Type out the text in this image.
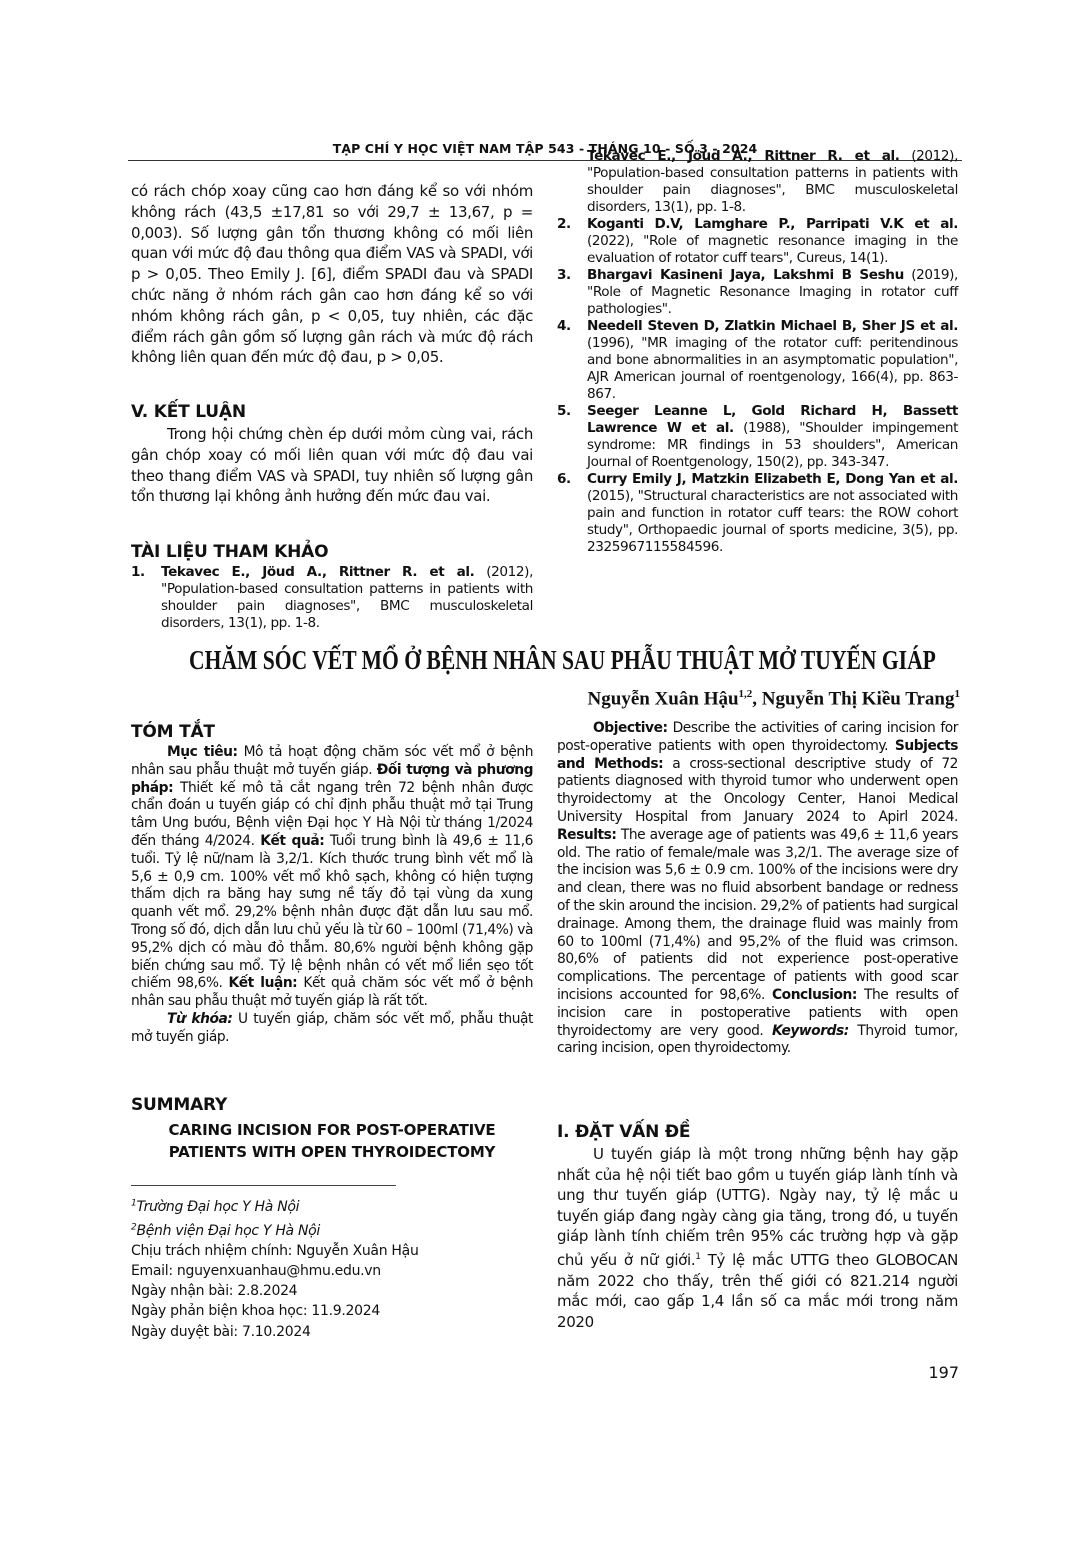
TẠP CHÍ Y HỌC VIỆT NAM TẬP 543 - THÁNG 10 - SỐ 3 - 2024

có rách chóp xoay cũng cao hơn đáng kể so với nhóm không rách (43,5 ±17,81 so với 29,7 ± 13,67, p = 0,003). Số lượng gân tổn thương không có mối liên quan với mức độ đau thông qua điểm VAS và SPADI, với p > 0,05. Theo Emily J. [6], điểm SPADI đau và SPADI chức năng ở nhóm rách gân cao hơn đáng kể so với nhóm không rách gân, p < 0,05, tuy nhiên, các đặc điểm rách gân gồm số lượng gân rách và mức độ rách không liên quan đến mức độ đau, p > 0,05.

V. KẾT LUẬN

Trong hội chứng chèn ép dưới mỏm cùng vai, rách gân chóp xoay có mối liên quan với mức độ đau vai theo thang điểm VAS và SPADI, tuy nhiên số lượng gân tổn thương lại không ảnh hưởng đến mức đau vai.

TÀI LIỆU THAM KHẢO

1. Tekavec E., Jöud A., Rittner R. et al. (2012), "Population-based consultation patterns in patients with shoulder pain diagnoses", BMC musculoskeletal disorders, 13(1), pp. 1-8.

Tekavec E., Jöud A., Rittner R. et al. (2012), "Population-based consultation patterns in patients with shoulder pain diagnoses", BMC musculoskeletal disorders, 13(1), pp. 1-8.

2. Koganti D.V, Lamghare P., Parripati V.K et al. (2022), "Role of magnetic resonance imaging in the evaluation of rotator cuff tears", Cureus, 14(1).

3. Bhargavi Kasineni Jaya, Lakshmi B Seshu (2019), "Role of Magnetic Resonance Imaging in rotator cuff pathologies".

4. Needell Steven D, Zlatkin Michael B, Sher JS et al. (1996), "MR imaging of the rotator cuff: peritendinous and bone abnormalities in an asymptomatic population", AJR American journal of roentgenology, 166(4), pp. 863-867.

5. Seeger Leanne L, Gold Richard H, Bassett Lawrence W et al. (1988), "Shoulder impingement syndrome: MR findings in 53 shoulders", American Journal of Roentgenology, 150(2), pp. 343-347.

6. Curry Emily J, Matzkin Elizabeth E, Dong Yan et al. (2015), "Structural characteristics are not associated with pain and function in rotator cuff tears: the ROW cohort study", Orthopaedic journal of sports medicine, 3(5), pp. 2325967115584596.

CHĂM SÓC VẾT MỔ Ở BỆNH NHÂN SAU PHẪU THUẬT MỞ TUYẾN GIÁP
Nguyễn Xuân Hậu$^{1,2}$, Nguyễn Thị Kiều Trang$^1$
TÓM TẮT
Mục tiêu: Mô tả hoạt động chăm sóc vết mổ ở bệnh nhân sau phẫu thuật mở tuyến giáp. Đối tượng và phương pháp: Thiết kế mô tả cắt ngang trên 72 bệnh nhân được chẩn đoán u tuyến giáp có chỉ định phẫu thuật mở tại Trung tâm Ung bướu, Bệnh viện Đại học Y Hà Nội từ tháng 1/2024 đến tháng 4/2024. Kết quả: Tuổi trung bình là 49,6 ± 11,6 tuổi. Tỷ lệ nữ/nam là 3,2/1. Kích thước trung bình vết mổ là 5,6 ± 0,9 cm. 100% vết mổ khô sạch, không có hiện tượng thấm dịch ra băng hay sưng nề tấy đỏ tại vùng da xung quanh vết mổ. 29,2% bệnh nhân được đặt dẫn lưu sau mổ. Trong số đó, dịch dẫn lưu chủ yếu là từ 60 – 100ml (71,4%) và 95,2% dịch có màu đỏ thẫm. 80,6% người bệnh không gặp biến chứng sau mổ. Tỷ lệ bệnh nhân có vết mổ liền sẹo tốt chiếm 98,6%. Kết luận: Kết quả chăm sóc vết mổ ở bệnh nhân sau phẫu thuật mở tuyến giáp là rất tốt.
Từ khóa: U tuyến giáp, chăm sóc vết mổ, phẫu thuật mở tuyến giáp.
SUMMARY
CARING INCISION FOR POST-OPERATIVE
PATIENTS WITH OPEN THYROIDECTOMY
$^1$Trường Đại học Y Hà Nội
$^2$Bệnh viện Đại học Y Hà Nội
Chịu trách nhiệm chính: Nguyễn Xuân Hậu
Email: nguyenxuanhau@hmu.edu.vn
Ngày nhận bài: 2.8.2024
Ngày phản biện khoa học: 11.9.2024
Ngày duyệt bài: 7.10.2024
Objective: Describe the activities of caring incision for post-operative patients with open thyroidectomy. Subjects and Methods: a cross-sectional descriptive study of 72 patients diagnosed with thyroid tumor who underwent open thyroidectomy at the Oncology Center, Hanoi Medical University Hospital from January 2024 to Apirl 2024. Results: The average age of patients was 49,6 ± 11,6 years old. The ratio of female/male was 3,2/1. The average size of the incision was 5,6 ± 0.9 cm. 100% of the incisions were dry and clean, there was no fluid absorbent bandage or redness of the skin around the incision. 29,2% of patients had surgical drainage. Among them, the drainage fluid was mainly from 60 to 100ml (71,4%) and 95,2% of the fluid was crimson. 80,6% of patients did not experience post-operative complications. The percentage of patients with good scar incisions accounted for 98,6%. Conclusion: The results of incision care in postoperative patients with open thyroidectomy are very good. Keywords: Thyroid tumor, caring incision, open thyroidectomy.
I. ĐẶT VẤN ĐỀ

U tuyến giáp là một trong những bệnh hay gặp nhất của hệ nội tiết bao gồm u tuyến giáp lành tính và ung thư tuyến giáp (UTTG). Ngày nay, tỷ lệ mắc u tuyến giáp đang ngày càng gia tăng, trong đó, u tuyến giáp lành tính chiếm trên 95% các trường hợp và gặp chủ yếu ở nữ giới.$^1$ Tỷ lệ mắc UTTG theo GLOBOCAN năm 2022 cho thấy, trên thế giới có 821.214 người mắc mới, cao gấp 1,4 lần số ca mắc mới trong năm 2020

197
